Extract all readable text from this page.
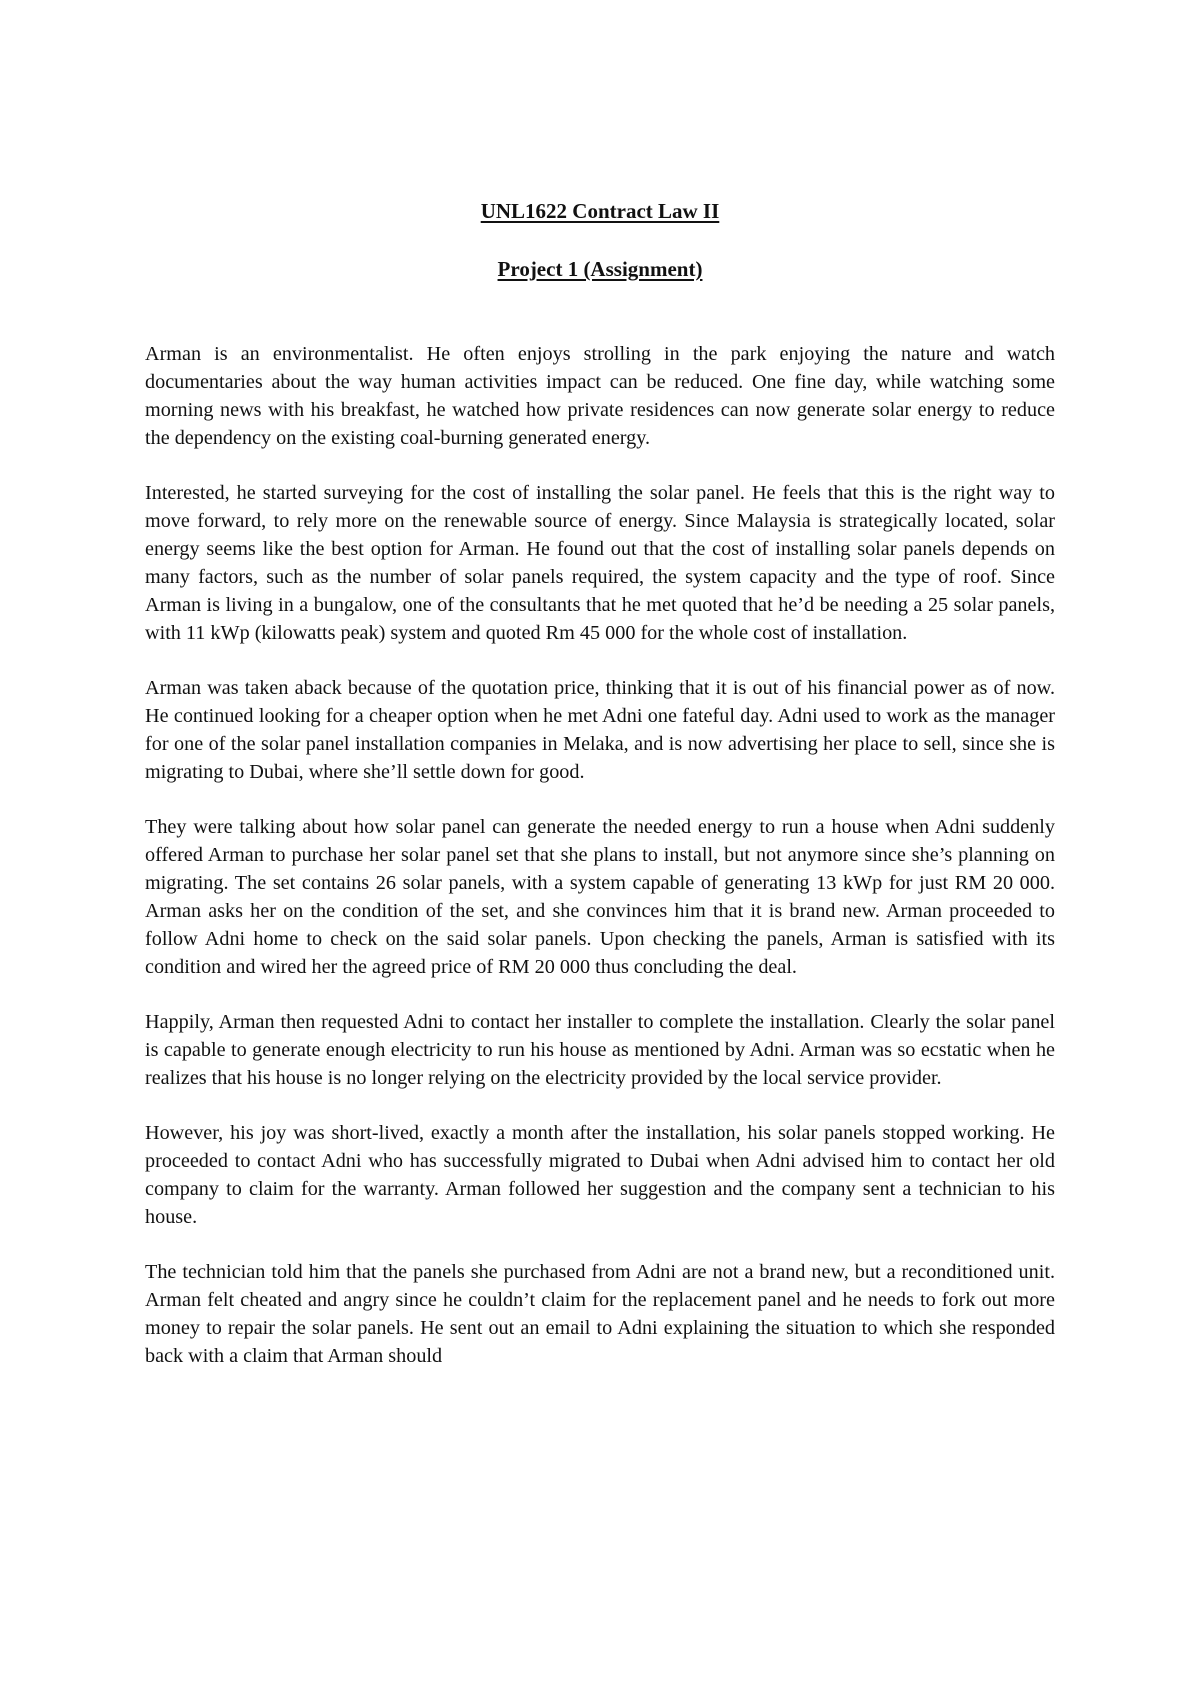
UNL1622 Contract Law II
Project 1 (Assignment)

Arman is an environmentalist. He often enjoys strolling in the park enjoying the nature and watch documentaries about the way human activities impact can be reduced. One fine day, while watching some morning news with his breakfast, he watched how private residences can now generate solar energy to reduce the dependency on the existing coal-burning generated energy.

Interested, he started surveying for the cost of installing the solar panel. He feels that this is the right way to move forward, to rely more on the renewable source of energy. Since Malaysia is strategically located, solar energy seems like the best option for Arman. He found out that the cost of installing solar panels depends on many factors, such as the number of solar panels required, the system capacity and the type of roof. Since Arman is living in a bungalow, one of the consultants that he met quoted that he’d be needing a 25 solar panels, with 11 kWp (kilowatts peak) system and quoted Rm 45 000 for the whole cost of installation.

Arman was taken aback because of the quotation price, thinking that it is out of his financial power as of now. He continued looking for a cheaper option when he met Adni one fateful day. Adni used to work as the manager for one of the solar panel installation companies in Melaka, and is now advertising her place to sell, since she is migrating to Dubai, where she’ll settle down for good.

They were talking about how solar panel can generate the needed energy to run a house when Adni suddenly offered Arman to purchase her solar panel set that she plans to install, but not anymore since she’s planning on migrating. The set contains 26 solar panels, with a system capable of generating 13 kWp for just RM 20 000. Arman asks her on the condition of the set, and she convinces him that it is brand new. Arman proceeded to follow Adni home to check on the said solar panels. Upon checking the panels, Arman is satisfied with its condition and wired her the agreed price of RM 20 000 thus concluding the deal.

Happily, Arman then requested Adni to contact her installer to complete the installation. Clearly the solar panel is capable to generate enough electricity to run his house as mentioned by Adni. Arman was so ecstatic when he realizes that his house is no longer relying on the electricity provided by the local service provider.

However, his joy was short-lived, exactly a month after the installation, his solar panels stopped working. He proceeded to contact Adni who has successfully migrated to Dubai when Adni advised him to contact her old company to claim for the warranty. Arman followed her suggestion and the company sent a technician to his house.

The technician told him that the panels she purchased from Adni are not a brand new, but a reconditioned unit. Arman felt cheated and angry since he couldn’t claim for the replacement panel and he needs to fork out more money to repair the solar panels. He sent out an email to Adni explaining the situation to which she responded back with a claim that Arman should
